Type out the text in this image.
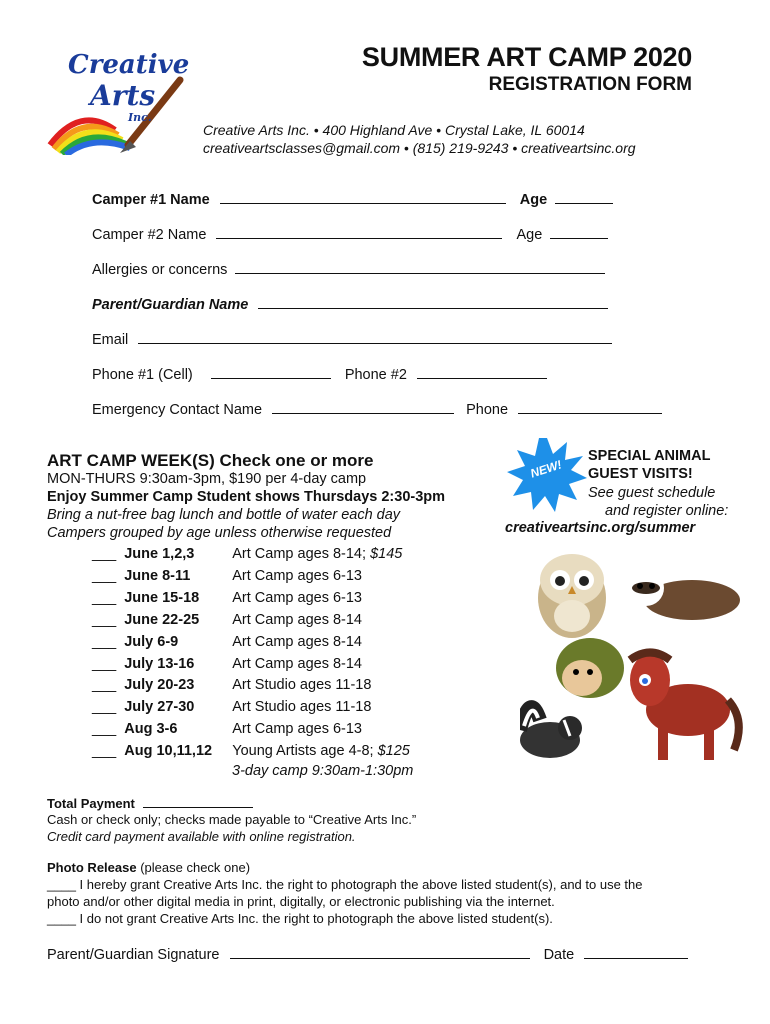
Creative
Arts
Inc.
SUMMER ART CAMP 2020
REGISTRATION FORM
Creative Arts Inc. • 400 Highland Ave • Crystal Lake, IL 60014
creativeartsclasses@gmail.com • (815) 219-9243 • creativeartsinc.org
Camper #1 Name	Age
Camper #2 Name	Age
Allergies or concerns
Parent/Guardian Name
Email
Phone #1 (Cell)	Phone #2
Emergency Contact Name	Phone
ART CAMP WEEK(S) Check one or more
MON-THURS 9:30am-3pm, $190 per 4-day camp
Enjoy Summer Camp Student shows Thursdays 2:30-3pm
Bring a nut-free bag lunch and bottle of water each day
Campers grouped by age unless otherwise requested
___ June 1,2,3	Art Camp ages 8-14; $145
___ June 8-11	Art Camp ages 6-13
___ June 15-18 Art Camp ages 6-13
___ June 22-25 Art Camp ages 8-14
___ July 6-9	Art Camp ages 8-14
___ July 13-16	Art Camp ages 8-14
___ July 20-23	Art Studio ages 11-18
___ July 27-30	Art Studio ages 11-18
___ Aug 3-6	Art Camp ages 6-13
___ Aug 10,11,12 Young Artists age 4-8; $125
3-day camp 9:30am-1:30pm
NEW!
SPECIAL ANIMAL
GUEST VISITS!
See guest schedule
and register online:
creativeartsinc.org/summer
Total Payment
Cash or check only; checks made payable to “Creative Arts Inc.”
Credit card payment available with online registration.
Photo Release (please check one)
____ I hereby grant Creative Arts Inc. the right to photograph the above listed student(s), and to use the
photo and/or other digital media in print, digitally, or electronic publishing via the internet.
____ I do not grant Creative Arts Inc. the right to photograph the above listed student(s).
Parent/Guardian Signature	Date
